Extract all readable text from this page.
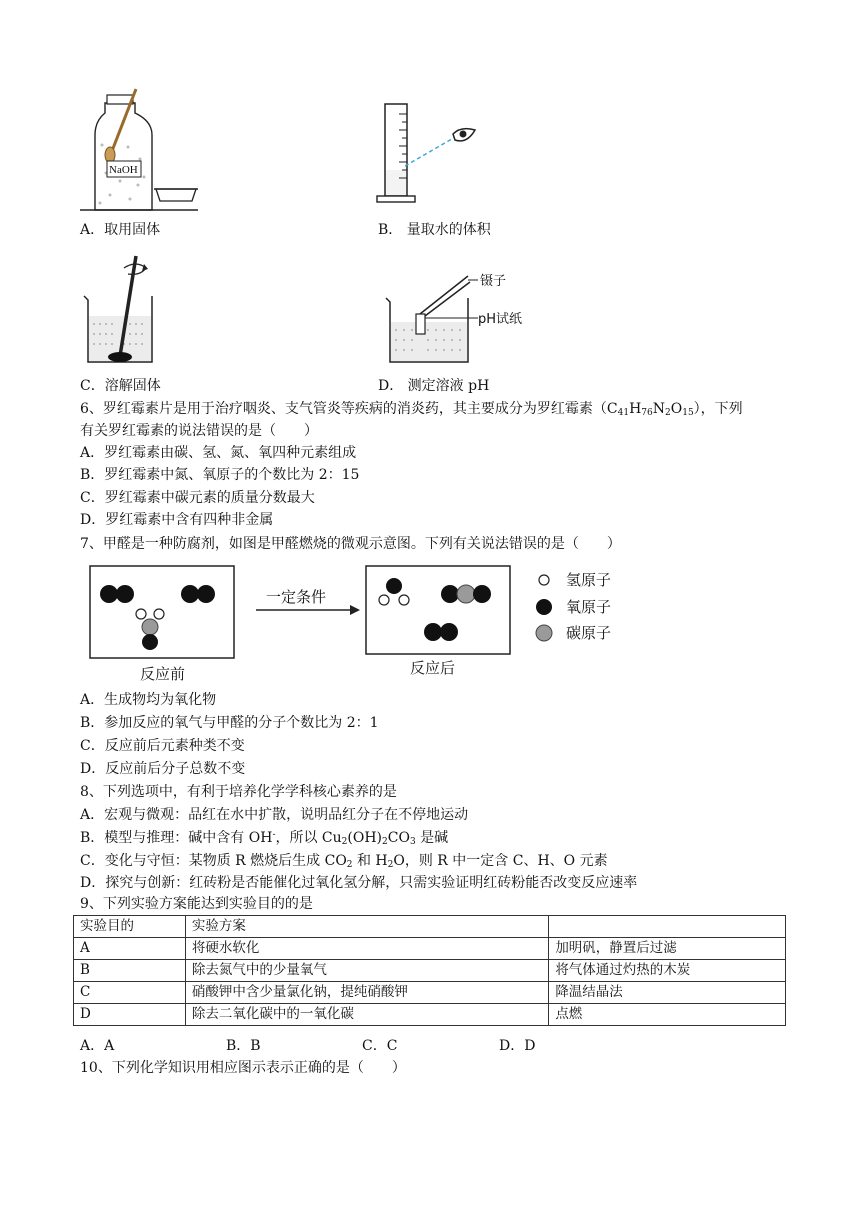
NaOH
A．取用固体	B． 量取水的体积
C．溶解固体
镊子
pH试纸
D． 测定溶液 pH
6、罗红霉素片是用于治疗咽炎、支气管炎等疾病的消炎药，其主要成分为罗红霉素$(C_{41}H_{76}N_2O_{15})$，下列
有关罗红霉素的说法错误的是（　　）
A．罗红霉素由碳、氢、氮、氧四种元素组成
B．罗红霉素中氮、氧原子的个数比为 2：15
C．罗红霉素中碳元素的质量分数最大
D．罗红霉素中含有四种非金属
7、甲醛是一种防腐剂，如图是甲醛燃烧的微观示意图。下列有关说法错误的是（　　）
反应前
一定条件
反应后
氢原子
氧原子
碳原子
A．生成物均为氧化物
B．参加反应的氧气与甲醛的分子个数比为 2：1
C．反应前后元素种类不变
D．反应前后分子总数不变
8、下列选项中，有利于培养化学学科核心素养的是
A．宏观与微观：品红在水中扩散，说明品红分子在不停地运动
B．模型与推理：碱中含有 OH-，所以 $Cu_2(OH)_2CO_3$ 是碱
C．变化与守恒：某物质 R 燃烧后生成 $CO_2$ 和 $H_2O$，则 R 中一定含 C、H、O 元素
D．探究与创新：红砖粉是否能催化过氧化氢分解，只需实验证明红砖粉能否改变反应速率
9、下列实验方案能达到实验目的的是
实验目的	实验方案	
A	将硬水软化	加明矾，静置后过滤
B	除去氮气中的少量氧气	将气体通过灼热的木炭
C	硝酸钾中含少量氯化钠，提纯硝酸钾	降温结晶法
D	除去二氧化碳中的一氧化碳	点燃
A．A	B．B	C．C	D．D
10、下列化学知识用相应图示表示正确的是（　　）
